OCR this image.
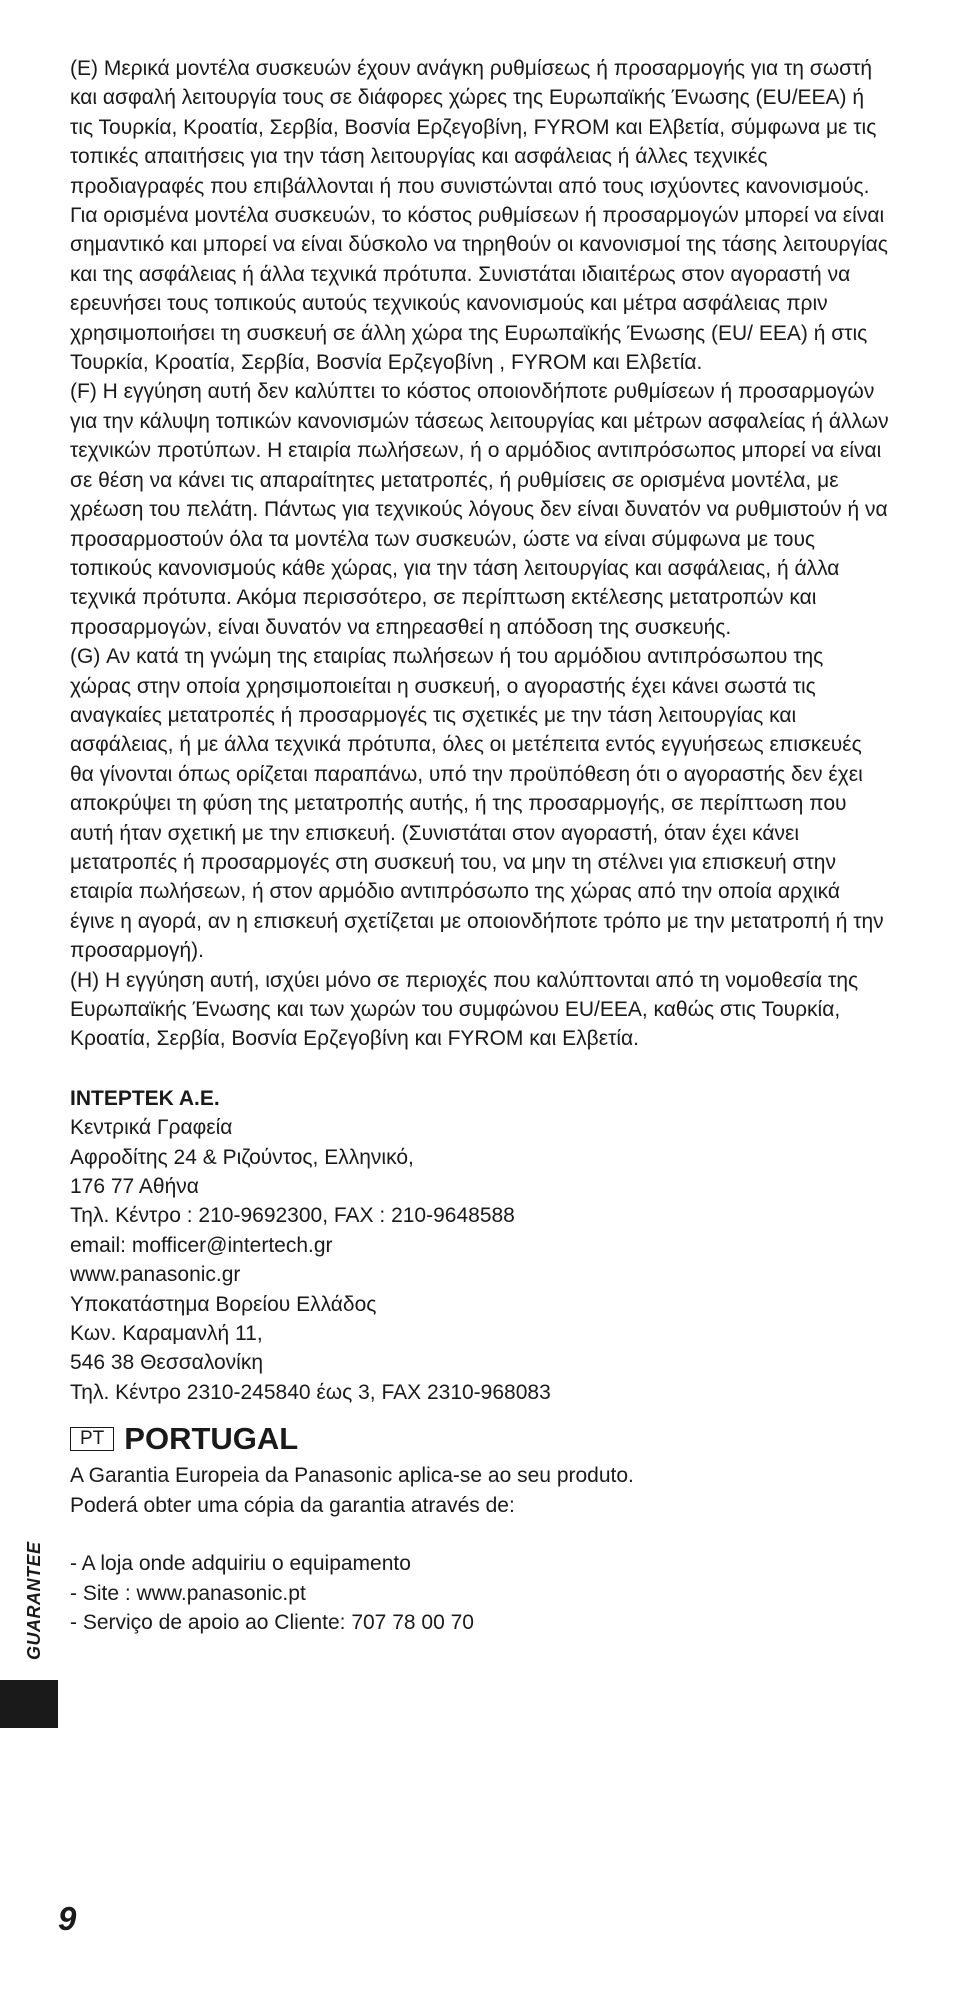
(E) Μερικά μοντέλα συσκευών έχουν ανάγκη ρυθμίσεως ή προσαρμογής για τη σωστή και ασφαλή λειτουργία τους σε διάφορες χώρες της Ευρωπαϊκής Ένωσης (EU/EEA) ή τις Τουρκία, Κροατία, Σερβία, Βοσνία Ερζεγοβίνη, FYROM και Ελβετία, σύμφωνα με τις τοπικές απαιτήσεις για την τάση λειτουργίας και ασφάλειας ή άλλες τεχνικές προδιαγραφές που επιβάλλονται ή που συνιστώνται από τους ισχύοντες κανονισμούς. Για ορισμένα μοντέλα συσκευών, το κόστος ρυθμίσεων ή προσαρμογών μπορεί να είναι σημαντικό και μπορεί να είναι δύσκολο να τηρηθούν οι κανονισμοί της τάσης λειτουργίας και της ασφάλειας ή άλλα τεχνικά πρότυπα. Συνιστάται ιδιαιτέρως στον αγοραστή να ερευνήσει τους τοπικούς αυτούς τεχνικούς κανονισμούς και μέτρα ασφάλειας πριν χρησιμοποιήσει τη συσκευή σε άλλη χώρα της Ευρωπαϊκής Ένωσης (EU/ EEA) ή στις Τουρκία, Κροατία, Σερβία, Βοσνία Ερζεγοβίνη , FYROM και Ελβετία.

(F) Η εγγύηση αυτή δεν καλύπτει το κόστος οποιονδήποτε ρυθμίσεων ή προσαρμογών για την κάλυψη τοπικών κανονισμών τάσεως λειτουργίας και μέτρων ασφαλείας ή άλλων τεχνικών προτύπων. Η εταιρία πωλήσεων, ή ο αρμόδιος αντιπρόσωπος μπορεί να είναι σε θέση να κάνει τις απαραίτητες μετατροπές, ή ρυθμίσεις σε ορισμένα μοντέλα, με χρέωση του πελάτη. Πάντως για τεχνικούς λόγους δεν είναι δυνατόν να ρυθμιστούν ή να προσαρμοστούν όλα τα μοντέλα των συσκευών, ώστε να είναι σύμφωνα με τους τοπικούς κανονισμούς κάθε χώρας, για την τάση λειτουργίας και ασφάλειας, ή άλλα τεχνικά πρότυπα. Ακόμα περισσότερο, σε περίπτωση εκτέλεσης μετατροπών και προσαρμογών, είναι δυνατόν να επηρεασθεί η απόδοση της συσκευής.

(G) Αν κατά τη γνώμη της εταιρίας πωλήσεων ή του αρμόδιου αντιπρόσωπου της χώρας στην οποία χρησιμοποιείται η συσκευή, ο αγοραστής έχει κάνει σωστά τις αναγκαίες μετατροπές ή προσαρμογές τις σχετικές με την τάση λειτουργίας και ασφάλειας, ή με άλλα τεχνικά πρότυπα, όλες οι μετέπειτα εντός εγγυήσεως επισκευές θα γίνονται όπως ορίζεται παραπάνω, υπό την προϋπόθεση ότι ο αγοραστής δεν έχει αποκρύψει τη φύση της μετατροπής αυτής, ή της προσαρμογής, σε περίπτωση που αυτή ήταν σχετική με την επισκευή. (Συνιστάται στον αγοραστή, όταν έχει κάνει μετατροπές ή προσαρμογές στη συσκευή του, να μην τη στέλνει για επισκευή στην εταιρία πωλήσεων, ή στον αρμόδιο αντιπρόσωπο της χώρας από την οποία αρχικά έγινε η αγορά, αν η επισκευή σχετίζεται με οποιονδήποτε τρόπο με την μετατροπή ή την προσαρμογή).

(H) Η εγγύηση αυτή, ισχύει μόνο σε περιοχές που καλύπτονται από τη νομοθεσία της Ευρωπαϊκής Ένωσης και των χωρών του συμφώνου EU/EEA, καθώς στις Τουρκία, Κροατία, Σερβία, Βοσνία Ερζεγοβίνη και FYROM και Ελβετία.

INTEPTEK A.E.
Κεντρικά Γραφεία
Αφροδίτης 24 & Ριζούντος, Ελληνικό,
176 77 Αθήνα
Τηλ. Κέντρο : 210-9692300, FAX : 210-9648588
email: mofficer@intertech.gr
www.panasonic.gr
Υποκατάστημα Βορείου Ελλάδος
Κων. Καραμανλή 11,
546 38 Θεσσαλονίκη
Τηλ. Κέντρο 2310-245840 έως 3, FAX 2310-968083
PT PORTUGAL

A Garantia Europeia da Panasonic aplica-se ao seu produto.

Poderá obter uma cópia da garantia através de:

- A loja onde adquiriu o equipamento
- Site : www.panasonic.pt
- Serviço de apoio ao Cliente: 707 78 00 70
GUARANTEE
9
